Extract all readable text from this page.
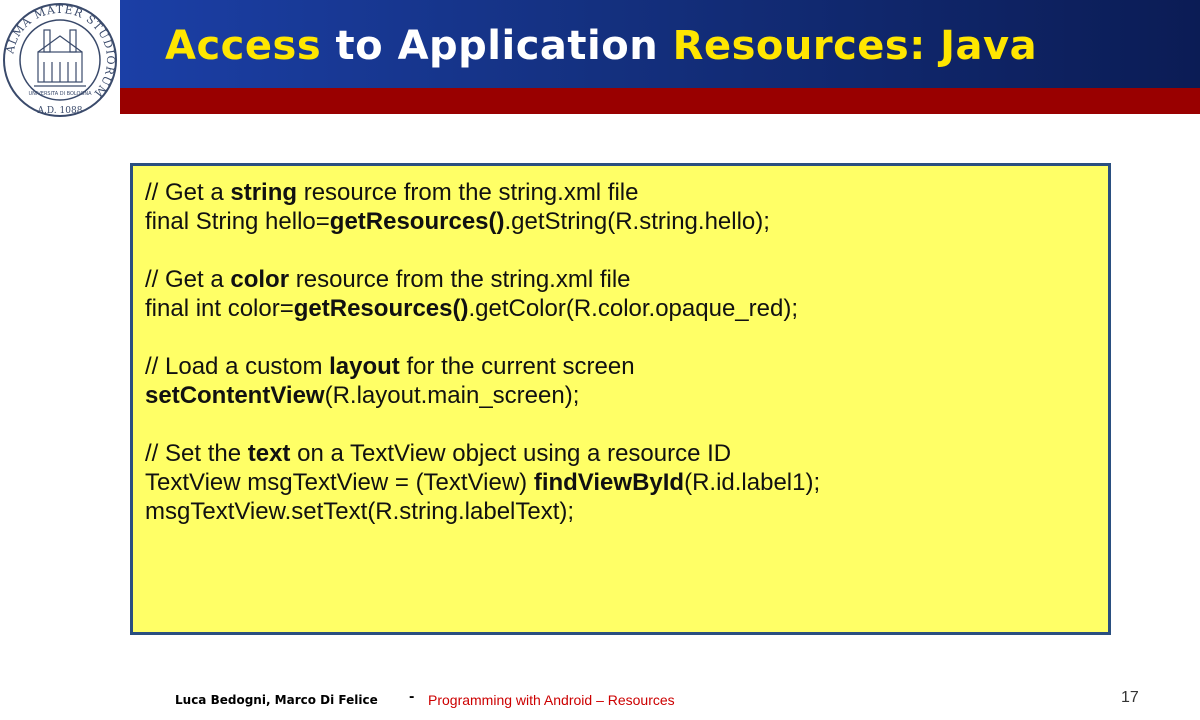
ALMA MATER STUDIORUM
A.D. 1088
UNIVERSITA DI BOLOGNA
Access to Application Resources: Java
// Get a string resource from the string.xml file
final String hello=getResources().getString(R.string.hello);
// Get a color resource from the string.xml file
final int color=getResources().getColor(R.color.opaque_red);
// Load a custom layout for the current screen
setContentView(R.layout.main_screen);
// Set the text on a TextView object using a resource ID
TextView msgTextView = (TextView) findViewById(R.id.label1);
msgTextView.setText(R.string.labelText);
Luca Bedogni, Marco Di Felice - Programming with Android – Resources	17
